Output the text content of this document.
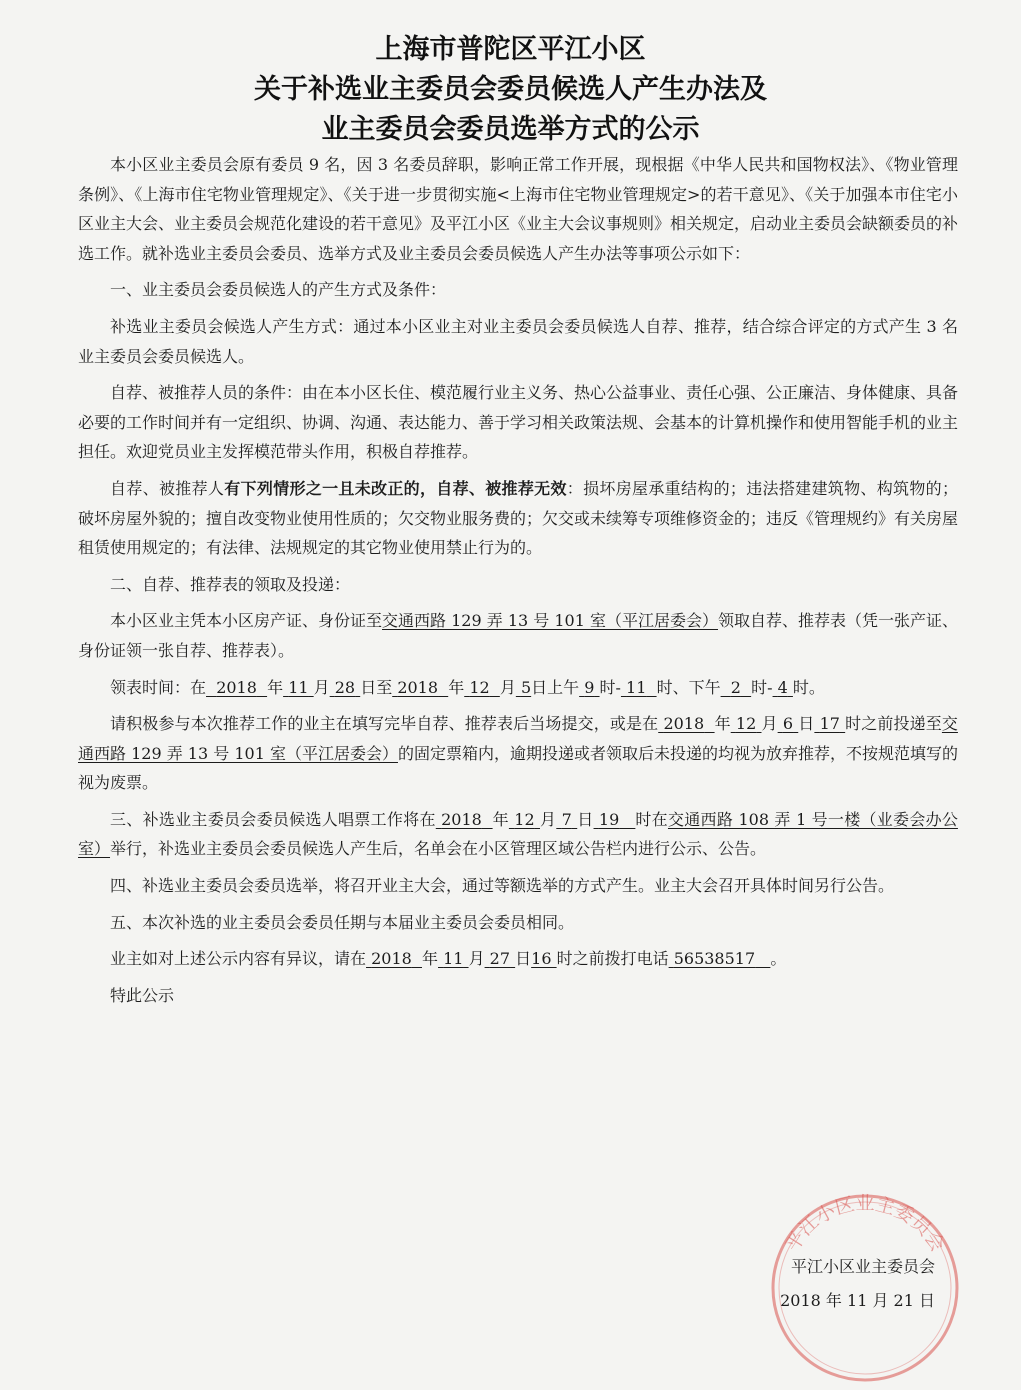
上海市普陀区平江小区

关于补选业主委员会委员候选人产生办法及

业主委员会委员选举方式的公示

本小区业主委员会原有委员 9 名，因 3 名委员辞职，影响正常工作开展，现根据《中华人民共和国物权法》、《物业管理条例》、《上海市住宅物业管理规定》、《关于进一步贯彻实施<上海市住宅物业管理规定>的若干意见》、《关于加强本市住宅小区业主大会、业主委员会规范化建设的若干意见》及平江小区《业主大会议事规则》相关规定，启动业主委员会缺额委员的补选工作。就补选业主委员会委员、选举方式及业主委员会委员候选人产生办法等事项公示如下：

一、业主委员会委员候选人的产生方式及条件：

补选业主委员会候选人产生方式：通过本小区业主对业主委员会委员候选人自荐、推荐，结合综合评定的方式产生 3 名业主委员会委员候选人。

自荐、被推荐人员的条件：由在本小区长住、模范履行业主义务、热心公益事业、责任心强、公正廉洁、身体健康、具备必要的工作时间并有一定组织、协调、沟通、表达能力、善于学习相关政策法规、会基本的计算机操作和使用智能手机的业主担任。欢迎党员业主发挥模范带头作用，积极自荐推荐。

自荐、被推荐人有下列情形之一且未改正的，自荐、被推荐无效：损坏房屋承重结构的；违法搭建建筑物、构筑物的；破坏房屋外貌的；擅自改变物业使用性质的；欠交物业服务费的；欠交或未续筹专项维修资金的；违反《管理规约》有关房屋租赁使用规定的；有法律、法规规定的其它物业使用禁止行为的。

二、自荐、推荐表的领取及投递：

本小区业主凭本小区房产证、身份证至交通西路 129 弄 13 号 101 室（平江居委会）领取自荐、推荐表（凭一张产证、身份证领一张自荐、推荐表）。

领表时间：在 2018 年 11 月 28 日至 2018 年 12 月 5日上午 9 时- 11 时、下午 2 时- 4 时。

请积极参与本次推荐工作的业主在填写完毕自荐、推荐表后当场提交，或是在 2018 年 12 月 6 日 17 时之前投递至交通西路 129 弄 13 号 101 室（平江居委会）的固定票箱内，逾期投递或者领取后未投递的均视为放弃推荐，不按规范填写的视为废票。

三、补选业主委员会委员候选人唱票工作将在 2018 年 12 月 7 日 19 时在交通西路 108 弄 1 号一楼（业委会办公室）举行，补选业主委员会委员候选人产生后，名单会在小区管理区域公告栏内进行公示、公告。

四、补选业主委员会委员选举，将召开业主大会，通过等额选举的方式产生。业主大会召开具体时间另行公告。

五、本次补选的业主委员会委员任期与本届业主委员会委员相同。

业主如对上述公示内容有异议，请在 2018 年 11 月 27 日16 时之前拨打电话 56538517 。

特此公示

平江小区业主委员会
平江小区业主委员会
2018 年 11 月 21 日
